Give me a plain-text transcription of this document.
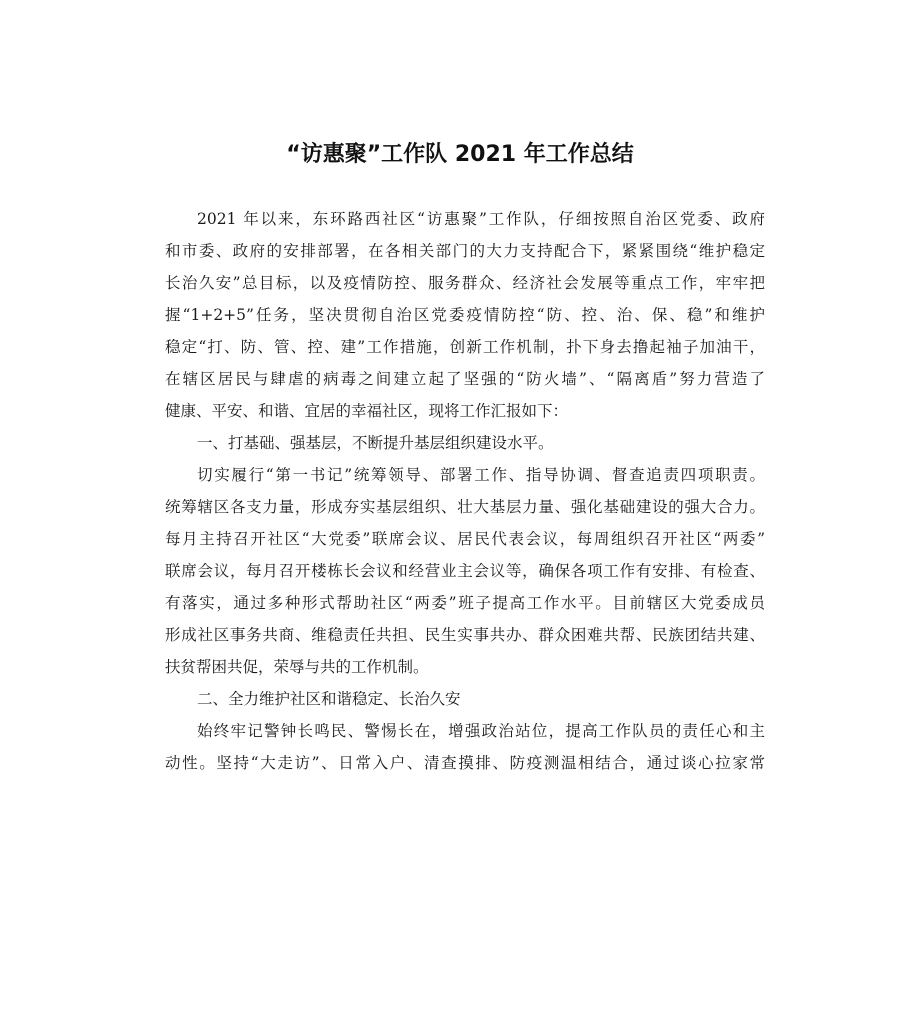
“访惠聚”工作队 2021 年工作总结
2021 年以来，东环路西社区“访惠聚”工作队，仔细按照自治区党委、政府
和市委、政府的安排部署，在各相关部门的大力支持配合下，紧紧围绕“维护稳定
长治久安”总目标，以及疫情防控、服务群众、经济社会发展等重点工作，牢牢把
握“1+2+5”任务，坚决贯彻自治区党委疫情防控“防、控、治、保、稳”和维护
稳定“打、防、管、控、建”工作措施，创新工作机制，扑下身去撸起袖子加油干，
在辖区居民与肆虐的病毒之间建立起了坚强的“防火墙”、“隔离盾”努力营造了
健康、平安、和谐、宜居的幸福社区，现将工作汇报如下：
一、打基础、强基层，不断提升基层组织建设水平。
切实履行“第一书记”统筹领导、部署工作、指导协调、督查追责四项职责。
统筹辖区各支力量，形成夯实基层组织、壮大基层力量、强化基础建设的强大合力。
每月主持召开社区“大党委”联席会议、居民代表会议，每周组织召开社区“两委”
联席会议，每月召开楼栋长会议和经营业主会议等，确保各项工作有安排、有检查、
有落实，通过多种形式帮助社区“两委”班子提高工作水平。目前辖区大党委成员
形成社区事务共商、维稳责任共担、民生实事共办、群众困难共帮、民族团结共建、
扶贫帮困共促，荣辱与共的工作机制。
二、全力维护社区和谐稳定、长治久安
始终牢记警钟长鸣民、警惕长在，增强政治站位，提高工作队员的责任心和主
动性。坚持“大走访”、日常入户、清查摸排、防疫测温相结合，通过谈心拉家常
